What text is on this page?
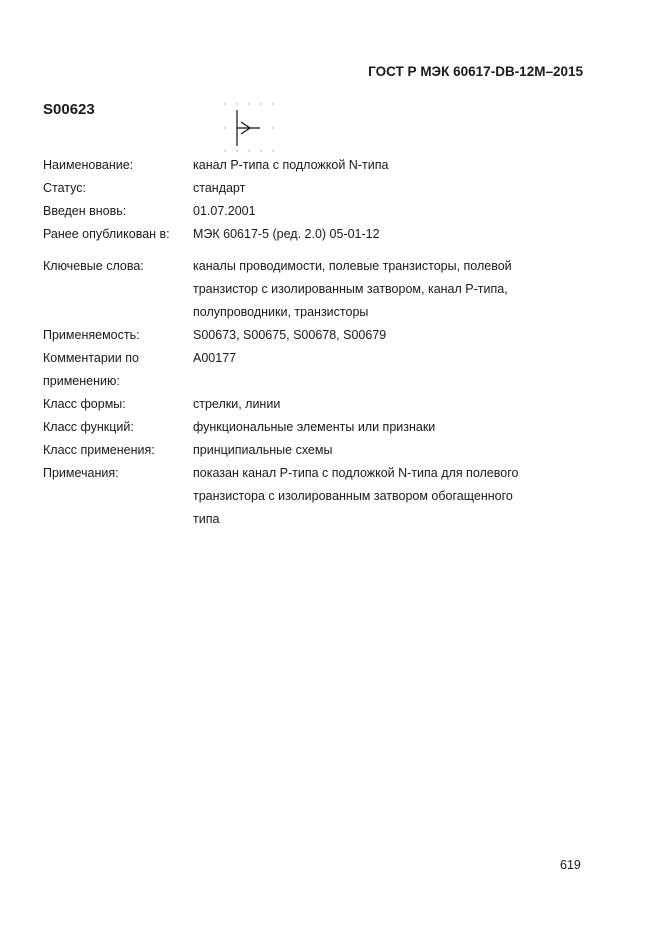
ГОСТ Р МЭК 60617-DB-12M–2015
S00623
Наименование:	канал P-типа с подложкой N-типа
Статус:	стандарт
Введен вновь:	01.07.2001
Ранее опубликован в:	МЭК 60617-5 (ред. 2.0) 05-01-12
Ключевые слова:	каналы проводимости, полевые транзисторы, полевой
транзистор с изолированным затвором, канал P-типа,
полупроводники, транзисторы
Применяемость:	S00673, S00675, S00678, S00679
Комментарии по
применению:
A00177
Класс формы:	стрелки, линии
Класс функций:	функциональные элементы или признаки
Класс применения:	принципиальные схемы
Примечания:	показан канал P-типа с подложкой N-типа для полевого
транзистора с изолированным затвором обогащенного
типа
619
